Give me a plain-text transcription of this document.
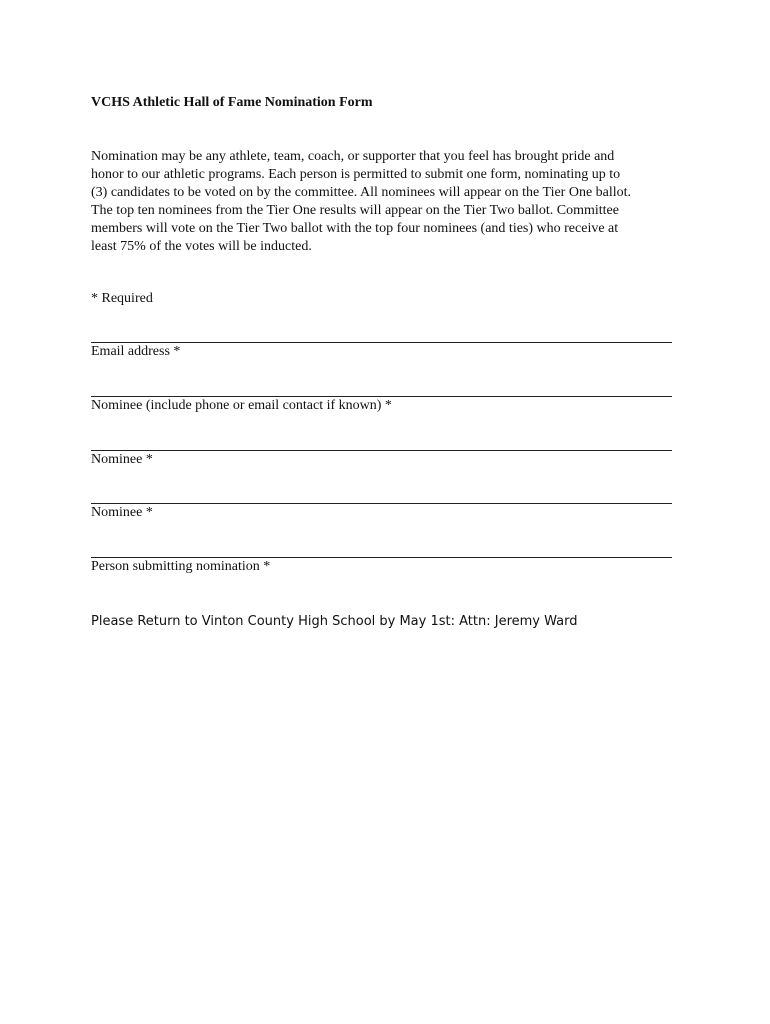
VCHS Athletic Hall of Fame Nomination Form

Nomination may be any athlete, team, coach, or supporter that you feel has brought pride and
honor to our athletic programs. Each person is permitted to submit one form, nominating up to
(3) candidates to be voted on by the committee. All nominees will appear on the Tier One ballot.
The top ten nominees from the Tier One results will appear on the Tier Two ballot. Committee
members will vote on the Tier Two ballot with the top four nominees (and ties) who receive at
least 75% of the votes will be inducted.

* Required
Email address *
Nominee (include phone or email contact if known) *
Nominee *
Nominee *
Person submitting nomination *
Please Return to Vinton County High School by May 1st: Attn: Jeremy Ward
